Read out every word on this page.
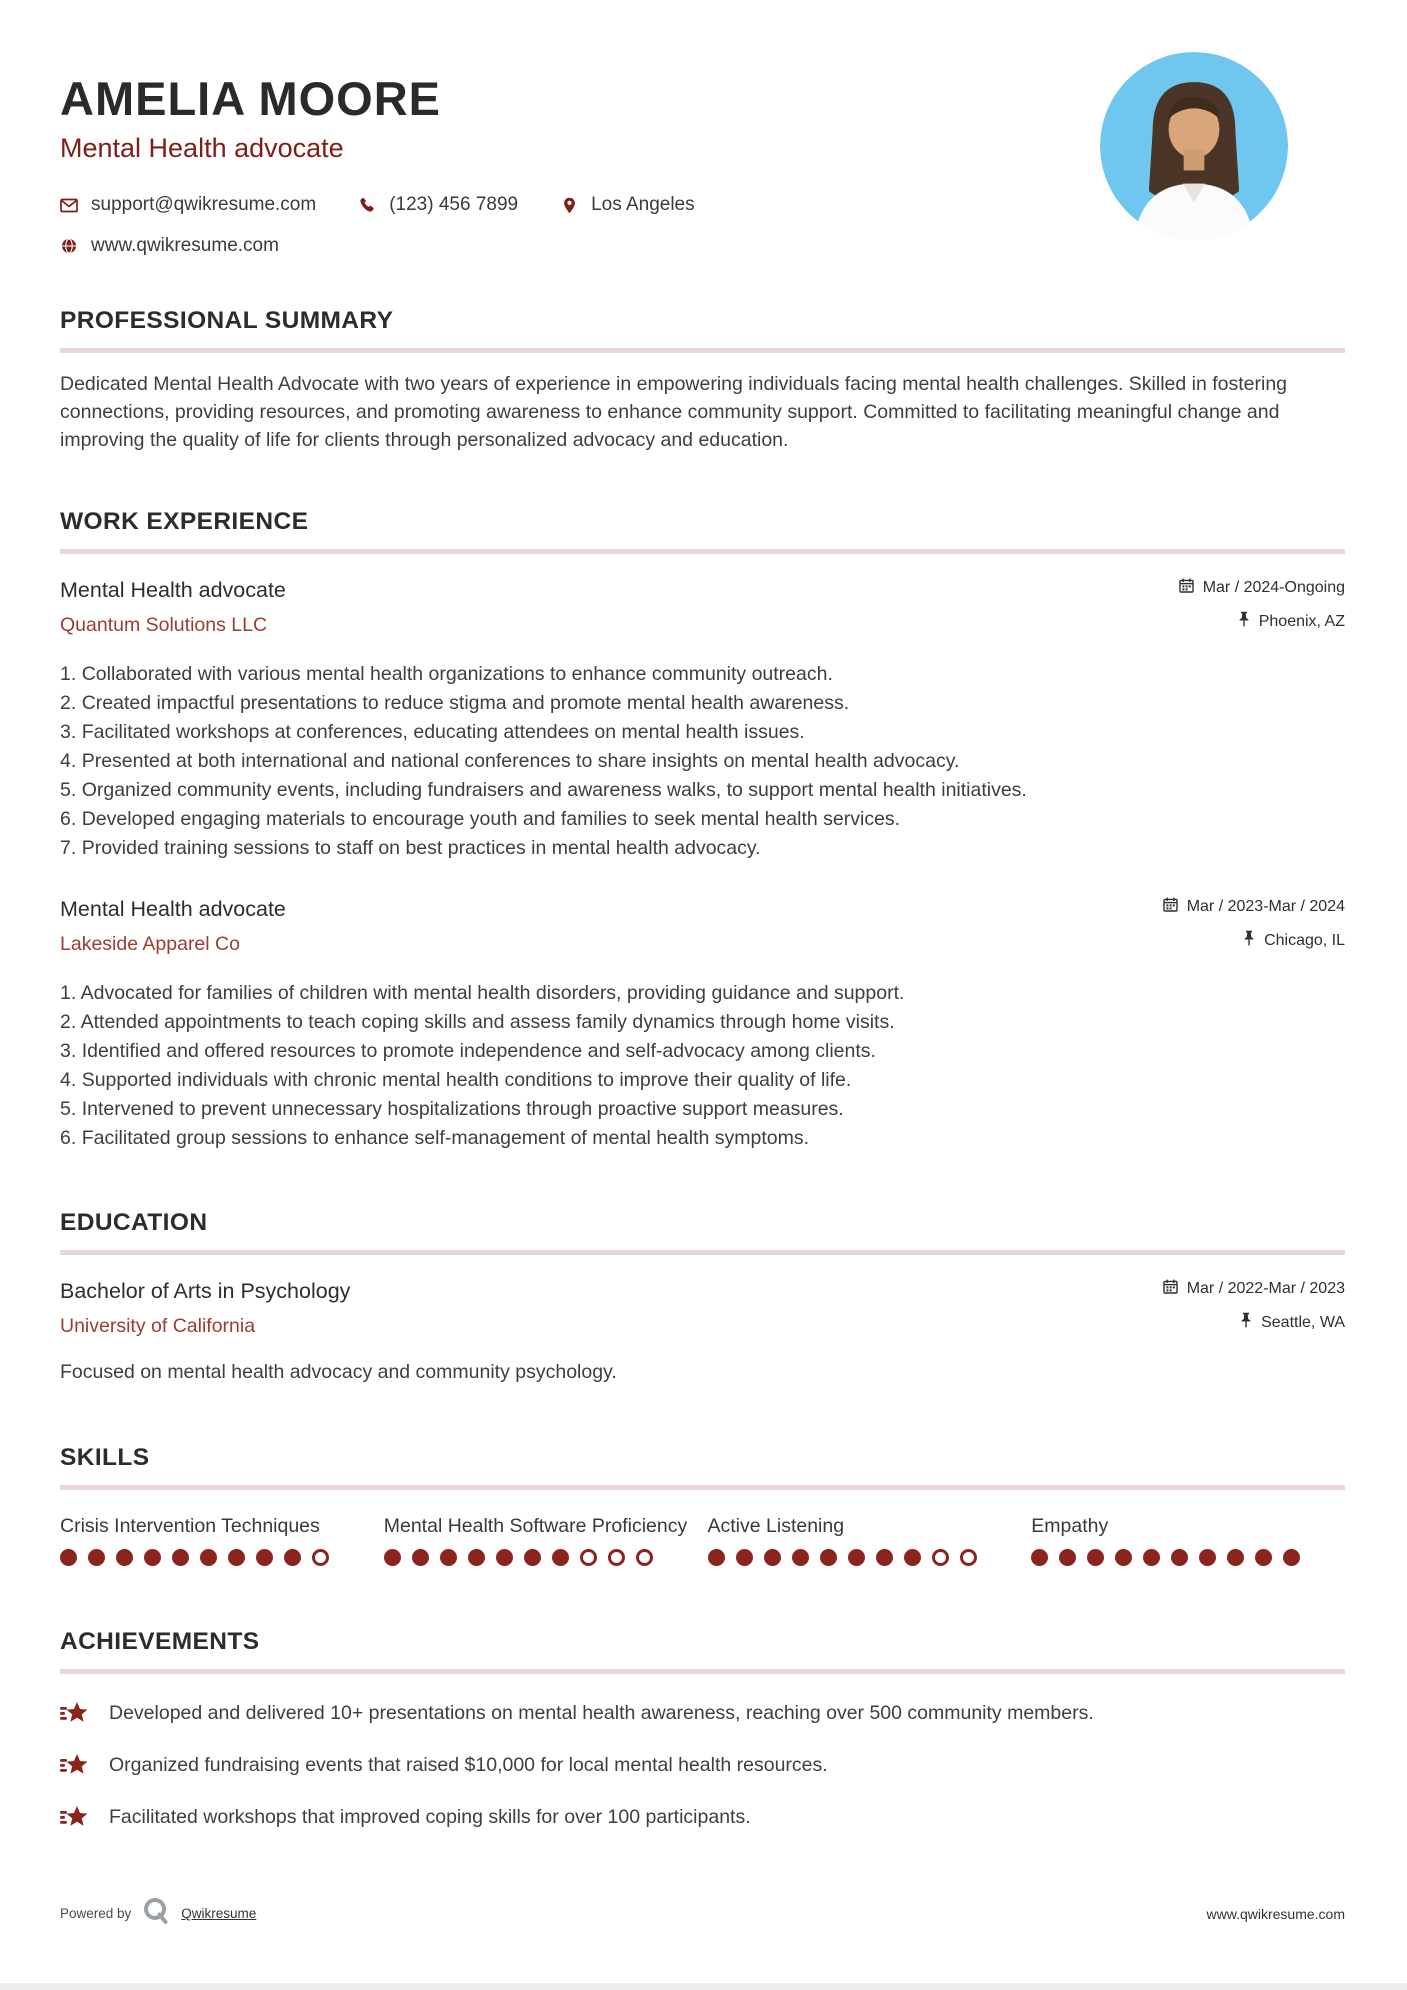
AMELIA MOORE
Mental Health advocate
support@qwikresume.com	(123) 456 7899	Los Angeles
www.qwikresume.com
PROFESSIONAL SUMMARY

Dedicated Mental Health Advocate with two years of experience in empowering individuals facing mental health challenges. Skilled in fostering connections, providing resources, and promoting awareness to enhance community support. Committed to facilitating meaningful change and improving the quality of life for clients through personalized advocacy and education.

WORK EXPERIENCE
Mental Health advocate
Quantum Solutions LLC
Mar / 2024-Ongoing
Phoenix, AZ
Collaborated with various mental health organizations to enhance community outreach.
Created impactful presentations to reduce stigma and promote mental health awareness.
Facilitated workshops at conferences, educating attendees on mental health issues.
Presented at both international and national conferences to share insights on mental health advocacy.
Organized community events, including fundraisers and awareness walks, to support mental health initiatives.
Developed engaging materials to encourage youth and families to seek mental health services.
Provided training sessions to staff on best practices in mental health advocacy.
Mental Health advocate
Lakeside Apparel Co
Mar / 2023-Mar / 2024
Chicago, IL
Advocated for families of children with mental health disorders, providing guidance and support.
Attended appointments to teach coping skills and assess family dynamics through home visits.
Identified and offered resources to promote independence and self-advocacy among clients.
Supported individuals with chronic mental health conditions to improve their quality of life.
Intervened to prevent unnecessary hospitalizations through proactive support measures.
Facilitated group sessions to enhance self-management of mental health symptoms.
EDUCATION
Bachelor of Arts in Psychology
University of California
Mar / 2022-Mar / 2023
Seattle, WA
Focused on mental health advocacy and community psychology.
SKILLS
Crisis Intervention Techniques	Mental Health Software Proficiency	Active Listening	Empathy
ACHIEVEMENTS
Developed and delivered 10+ presentations on mental health awareness, reaching over 500 community members.
Organized fundraising events that raised $10,000 for local mental health resources.
Facilitated workshops that improved coping skills for over 100 participants.
Powered by	Qwikresume	www.qwikresume.com
